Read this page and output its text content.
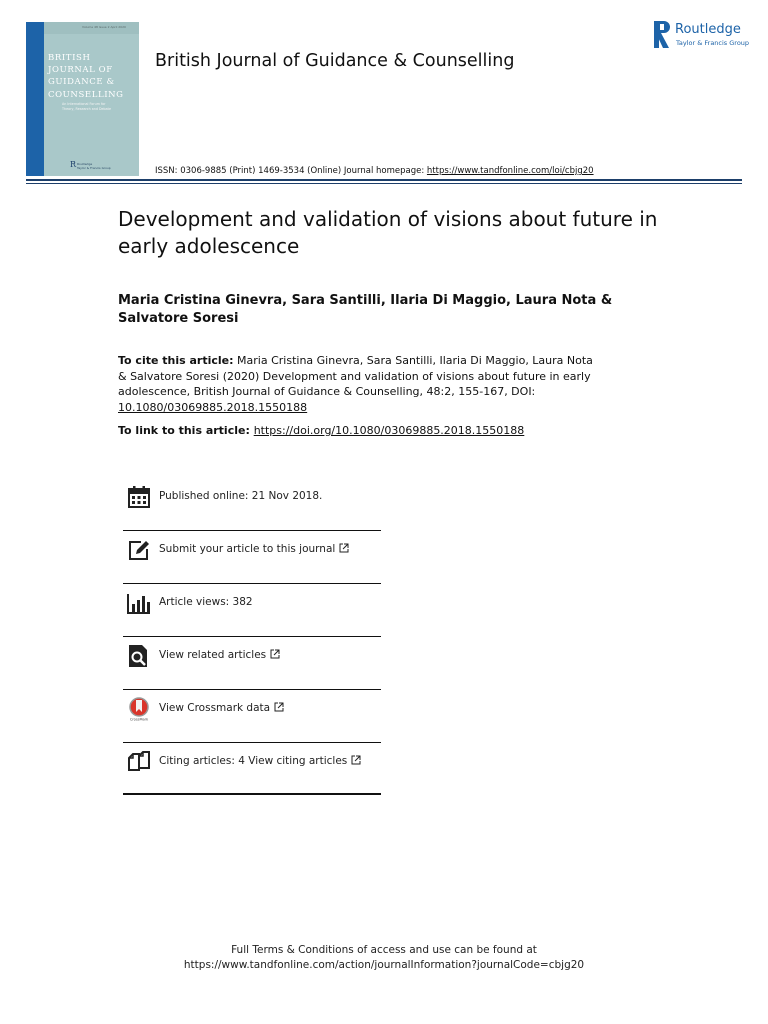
Volume 48 Issue 2 April 2020
BRITISH
JOURNAL OF
GUIDANCE &
COUNSELLING
An International Forum for
Theory, Research and Debate
R Routledge
Taylor & Francis Group
British Journal of Guidance & Counselling
Routledge
Taylor & Francis Group
ISSN: 0306-9885 (Print) 1469-3534 (Online) Journal homepage: https://www.tandfonline.com/loi/cbjg20
Development and validation of visions about future in early adolescence

Maria Cristina Ginevra, Sara Santilli, Ilaria Di Maggio, Laura Nota & Salvatore Soresi

To cite this article: Maria Cristina Ginevra, Sara Santilli, Ilaria Di Maggio, Laura Nota & Salvatore Soresi (2020) Development and validation of visions about future in early adolescence, British Journal of Guidance & Counselling, 48:2, 155-167, DOI: 10.1080/03069885.2018.1550188
To link to this article: https://doi.org/10.1080/03069885.2018.1550188
Published online: 21 Nov 2018.
Submit your article to this journal
Article views: 382
View related articles
CrossMark
View Crossmark data
Citing articles: 4 View citing articles
Full Terms & Conditions of access and use can be found at
https://www.tandfonline.com/action/journalInformation?journalCode=cbjg20
